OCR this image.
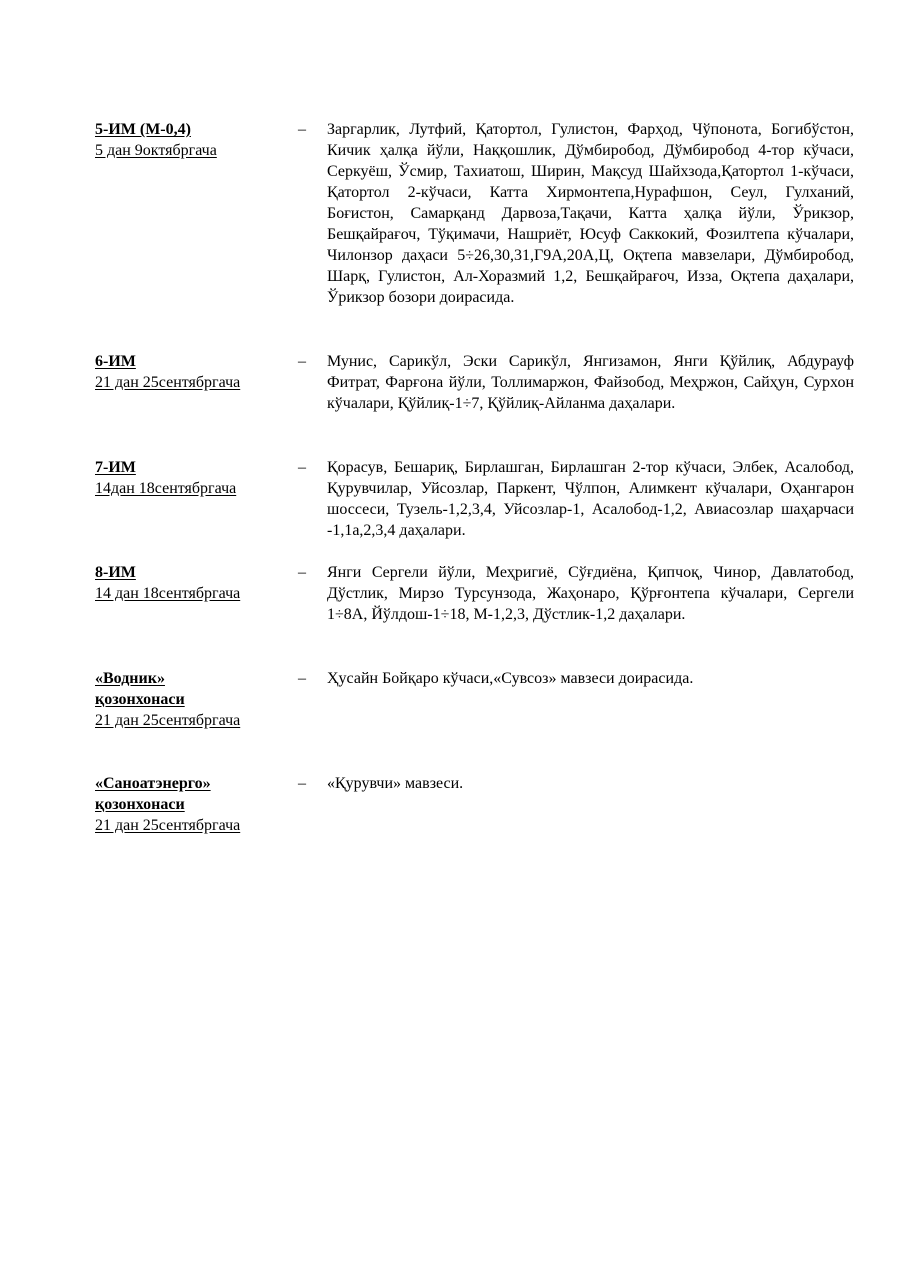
5-ИМ (М-0,4)
5 дан 9октябргача
– Заргарлик, Лутфий, Қатортол, Гулистон, Фарҳод, Чўпонота, Богибўстон, Кичик ҳалқа йўли, Наққошлик, Дўмбиробод, Дўмбиробод 4-тор кўчаси, Серкуёш, Ўсмир, Тахиатош, Ширин, Мақсуд Шайхзода,Қатортол 1-кўчаси, Қатортол 2-кўчаси, Катта Хирмонтепа,Нурафшон, Сеул, Гулханий, Боғистон, Самарқанд Дарвоза,Тақачи, Катта ҳалқа йўли, Ўрикзор, Бешқайрағоч, Тўқимачи, Нашриёт, Юсуф Саккокий, Фозилтепа кўчалари, Чилонзор даҳаси 5÷26,30,31,Г9А,20А,Ц, Оқтепа мавзелари, Дўмбиробод, Шарқ, Гулистон, Ал-Хоразмий 1,2, Бешқайрағоч, Изза, Оқтепа даҳалари, Ўрикзор бозори доирасида.

6-ИМ
21 дан 25сентябргача
– Мунис, Сарикўл, Эски Сарикўл, Янгизамон, Янги Қўйлиқ, Абдурауф Фитрат, Фарғона йўли, Толлимаржон, Файзобод, Меҳржон, Сайҳун, Сурхон кўчалари, Қўйлиқ-1÷7, Қўйлиқ-Айланма даҳалари.

7-ИМ
14дан 18сентябргача
– Қорасув, Бешариқ, Бирлашган, Бирлашган 2-тор кўчаси, Элбек, Асалобод, Қурувчилар, Уйсозлар, Паркент, Чўлпон, Алимкент кўчалари, Оҳангарон шоссеси, Тузель-1,2,3,4, Уйсозлар-1, Асалобод-1,2, Авиасозлар шаҳарчаси -1,1а,2,3,4 даҳалари.

8-ИМ
14 дан 18сентябргача
– Янги Сергели йўли, Меҳригиё, Сўғдиёна, Қипчоқ, Чинор, Давлатобод, Дўстлик, Мирзо Турсунзода, Жаҳонаро, Қўрғонтепа кўчалари, Сергели 1÷8А, Йўлдош-1÷18, М-1,2,3, Дўстлик-1,2 даҳалари.

«Водник»
қозонхонаси
21 дан 25сентябргача
– Ҳусайн Бойқаро кўчаси,«Сувсоз» мавзеси доирасида.

«Саноатэнерго»
қозонхонаси
21 дан 25сентябргача
– «Қурувчи» мавзеси.
